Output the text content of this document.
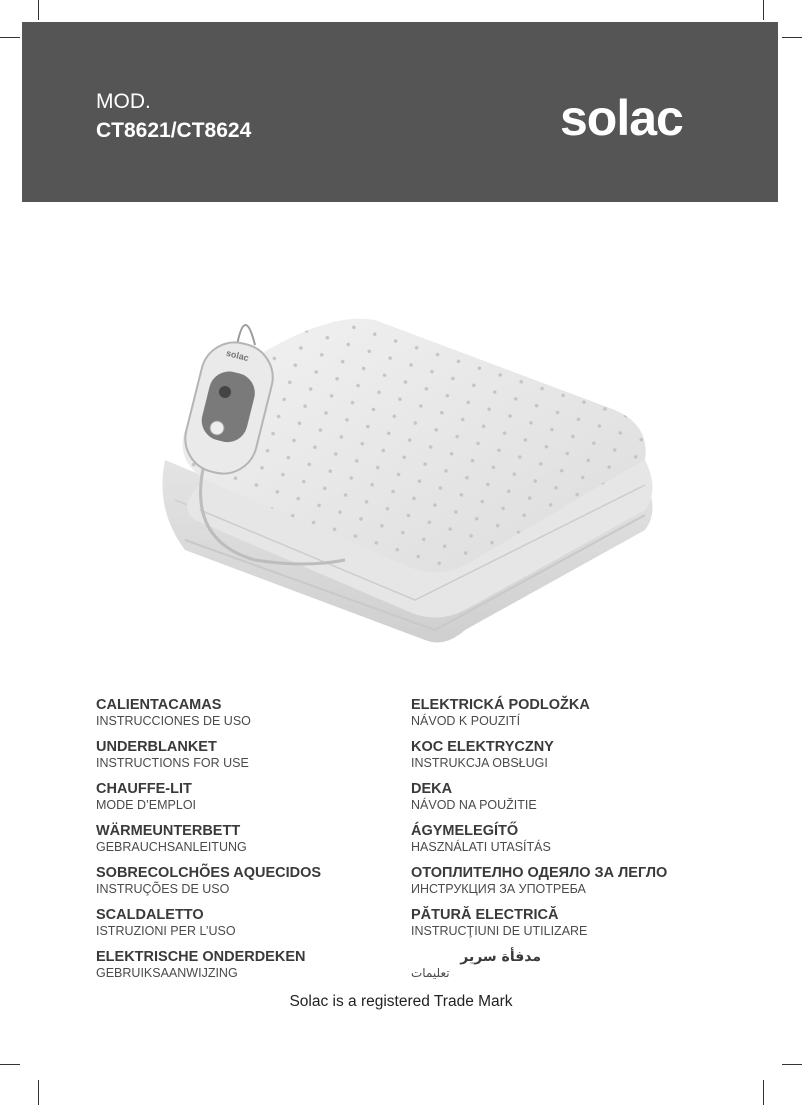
MOD.
CT8621/CT8624	solac
solac
CALIENTACAMAS
INSTRUCCIONES DE USO
UNDERBLANKET
INSTRUCTIONS FOR USE
CHAUFFE-LIT
MODE D’EMPLOI
WÄRMEUNTERBETT
GEBRAUCHSANLEITUNG
SOBRECOLCHÕES AQUECIDOS
INSTRUÇÕES DE USO
SCALDALETTO
ISTRUZIONI PER L’USO
ELEKTRISCHE ONDERDEKEN
GEBRUIKSAANWIJZING
ELEKTRICKÁ PODLOŽKA
NÁVOD K POUZITÍ
KOC ELEKTRYCZNY
INSTRUKCJA OBSŁUGI
DEKA
NÁVOD NA POUŽITIE
ÁGYMELEGÍTŐ
HASZNÁLATI UTASÍTÁS
ОТОПЛИТЕЛНО ОДЕЯЛО ЗА ЛЕГЛО
ИНСТРУКЦИЯ ЗА УПОТРЕБА
PĂTURĂ ELECTRICĂ
INSTRUCŢIUNI DE UTILIZARE
مدفأة سرير
تعليمات
Solac is a registered Trade Mark
